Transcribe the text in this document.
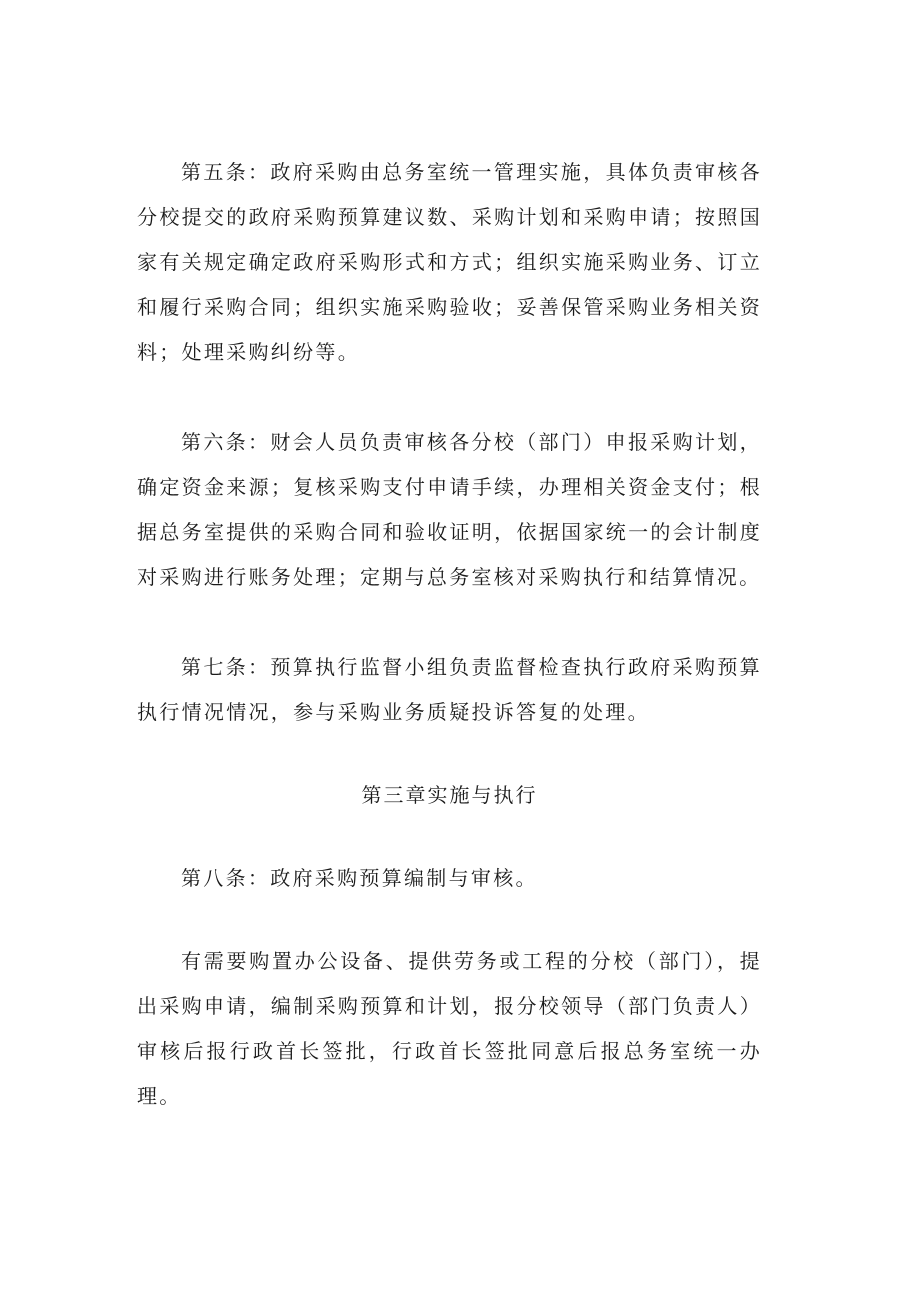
第五条：政府采购由总务室统一管理实施，具体负责审核各分校提交的政府采购预算建议数、采购计划和采购申请；按照国家有关规定确定政府采购形式和方式；组织实施采购业务、订立和履行采购合同；组织实施采购验收；妥善保管采购业务相关资料；处理采购纠纷等。

第六条：财会人员负责审核各分校（部门）申报采购计划，确定资金来源；复核采购支付申请手续，办理相关资金支付；根据总务室提供的采购合同和验收证明，依据国家统一的会计制度对采购进行账务处理；定期与总务室核对采购执行和结算情况。

第七条：预算执行监督小组负责监督检查执行政府采购预算执行情况情况，参与采购业务质疑投诉答复的处理。

第三章实施与执行

第八条：政府采购预算编制与审核。

有需要购置办公设备、提供劳务或工程的分校（部门），提出采购申请，编制采购预算和计划，报分校领导（部门负责人）审核后报行政首长签批，行政首长签批同意后报总务室统一办理。
